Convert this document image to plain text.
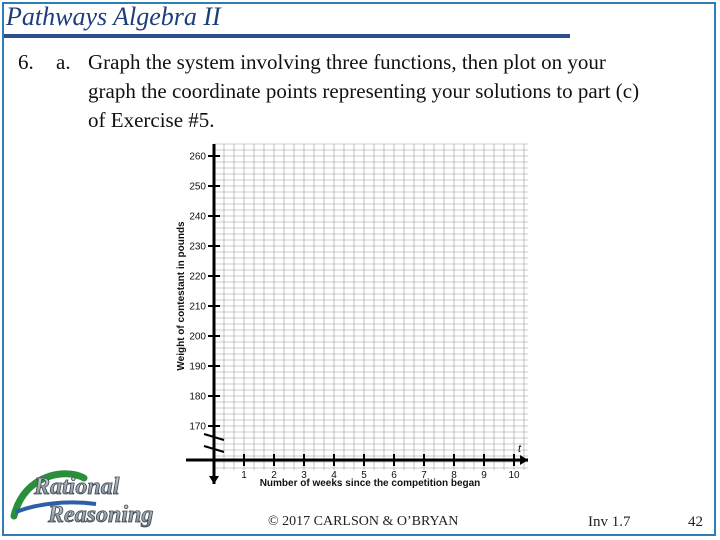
Pathways Algebra II
6. a. Graph the system involving three functions, then plot on your graph the coordinate points representing your solutions to part (c) of Exercise #5.
170
180
190
200
210
220
230
240
250
260
1 2 3 4 5 6 7 8 9 10
Weight of contestant in pounds
Number of weeks since the competition began
t
Rational
Reasoning	© 2017 CARLSON & O’BRYAN	Inv 1.7	42
